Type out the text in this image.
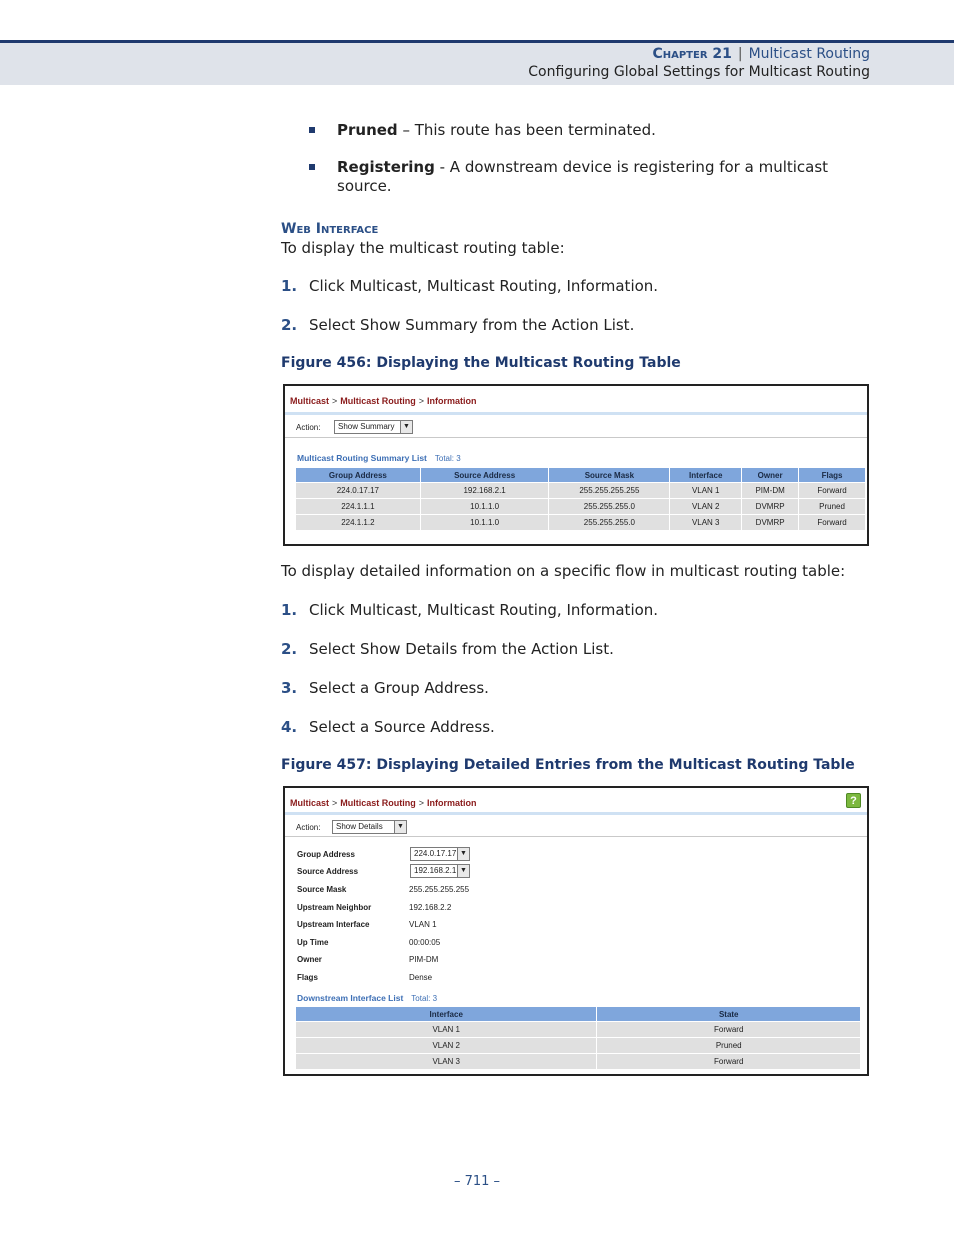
Chapter 21 | Multicast Routing
Configuring Global Settings for Multicast Routing
Pruned – This route has been terminated.
Registering - A downstream device is registering for a multicast
source.
Web Interface
To display the multicast routing table:
1. Click Multicast, Multicast Routing, Information.
2. Select Show Summary from the Action List.
Figure 456: Displaying the Multicast Routing Table
Multicast > Multicast Routing > Information
Action:	Show Summary	▼
Multicast Routing Summary List Total: 3
Group Address	Source Address	Source Mask	Interface	Owner	Flags
224.0.17.17	192.168.2.1	255.255.255.255	VLAN 1	PIM-DM	Forward
224.1.1.1	10.1.1.0	255.255.255.0	VLAN 2	DVMRP	Pruned
224.1.1.2	10.1.1.0	255.255.255.0	VLAN 3	DVMRP	Forward
To display detailed information on a specific flow in multicast routing table:
1. Click Multicast, Multicast Routing, Information.
2. Select Show Details from the Action List.
3. Select a Group Address.
4. Select a Source Address.
Figure 457: Displaying Detailed Entries from the Multicast Routing Table
Multicast > Multicast Routing > Information	?
Action:	Show Details	▼
Group Address	224.0.17.17 ▼
Source Address	192.168.2.1 ▼
Source Mask	255.255.255.255
Upstream Neighbor	192.168.2.2
Upstream Interface	VLAN 1
Up Time	00:00:05
Owner	PIM-DM
Flags	Dense
Downstream Interface List Total: 3
Interface	State
VLAN 1	Forward
VLAN 2	Pruned
VLAN 3	Forward
– 711 –
